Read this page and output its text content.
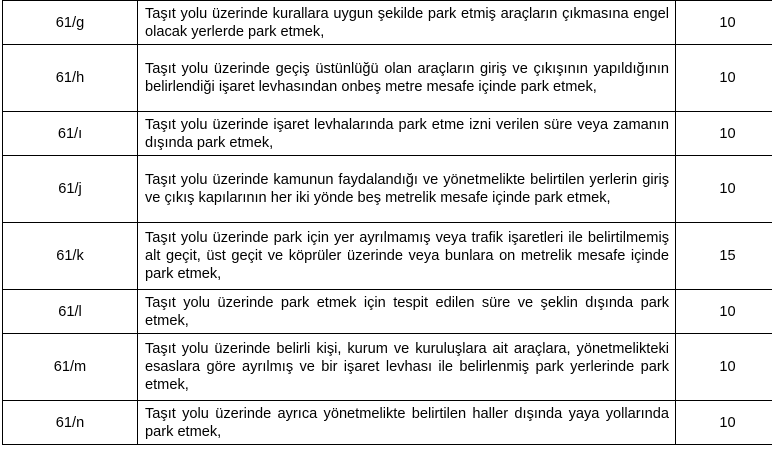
61/g	Taşıt yolu üzerinde kurallara uygun şekilde park etmiş araçların çıkmasına engel olacak yerlerde park etmek,	10
61/h	Taşıt yolu üzerinde geçiş üstünlüğü olan araçların giriş ve çıkışının yapıldığının belirlendiği işaret levhasından onbeş metre mesafe içinde park etmek,	10
61/ı	Taşıt yolu üzerinde işaret levhalarında park etme izni verilen süre veya zamanın dışında park etmek,	10
61/j	Taşıt yolu üzerinde kamunun faydalandığı ve yönetmelikte belirtilen yerlerin giriş ve çıkış kapılarının her iki yönde beş metrelik mesafe içinde park etmek,	10
61/k	Taşıt yolu üzerinde park için yer ayrılmamış veya trafik işaretleri ile belirtilmemiş alt geçit, üst geçit ve köprüler üzerinde veya bunlara on metrelik mesafe içinde park etmek,	15
61/l	Taşıt yolu üzerinde park etmek için tespit edilen süre ve şeklin dışında park etmek,	10
61/m	Taşıt yolu üzerinde belirli kişi, kurum ve kuruluşlara ait araçlara, yönetmelikteki esaslara göre ayrılmış ve bir işaret levhası ile belirlenmiş park yerlerinde park etmek,	10
61/n	Taşıt yolu üzerinde ayrıca yönetmelikte belirtilen haller dışında yaya yollarında park etmek,	10
